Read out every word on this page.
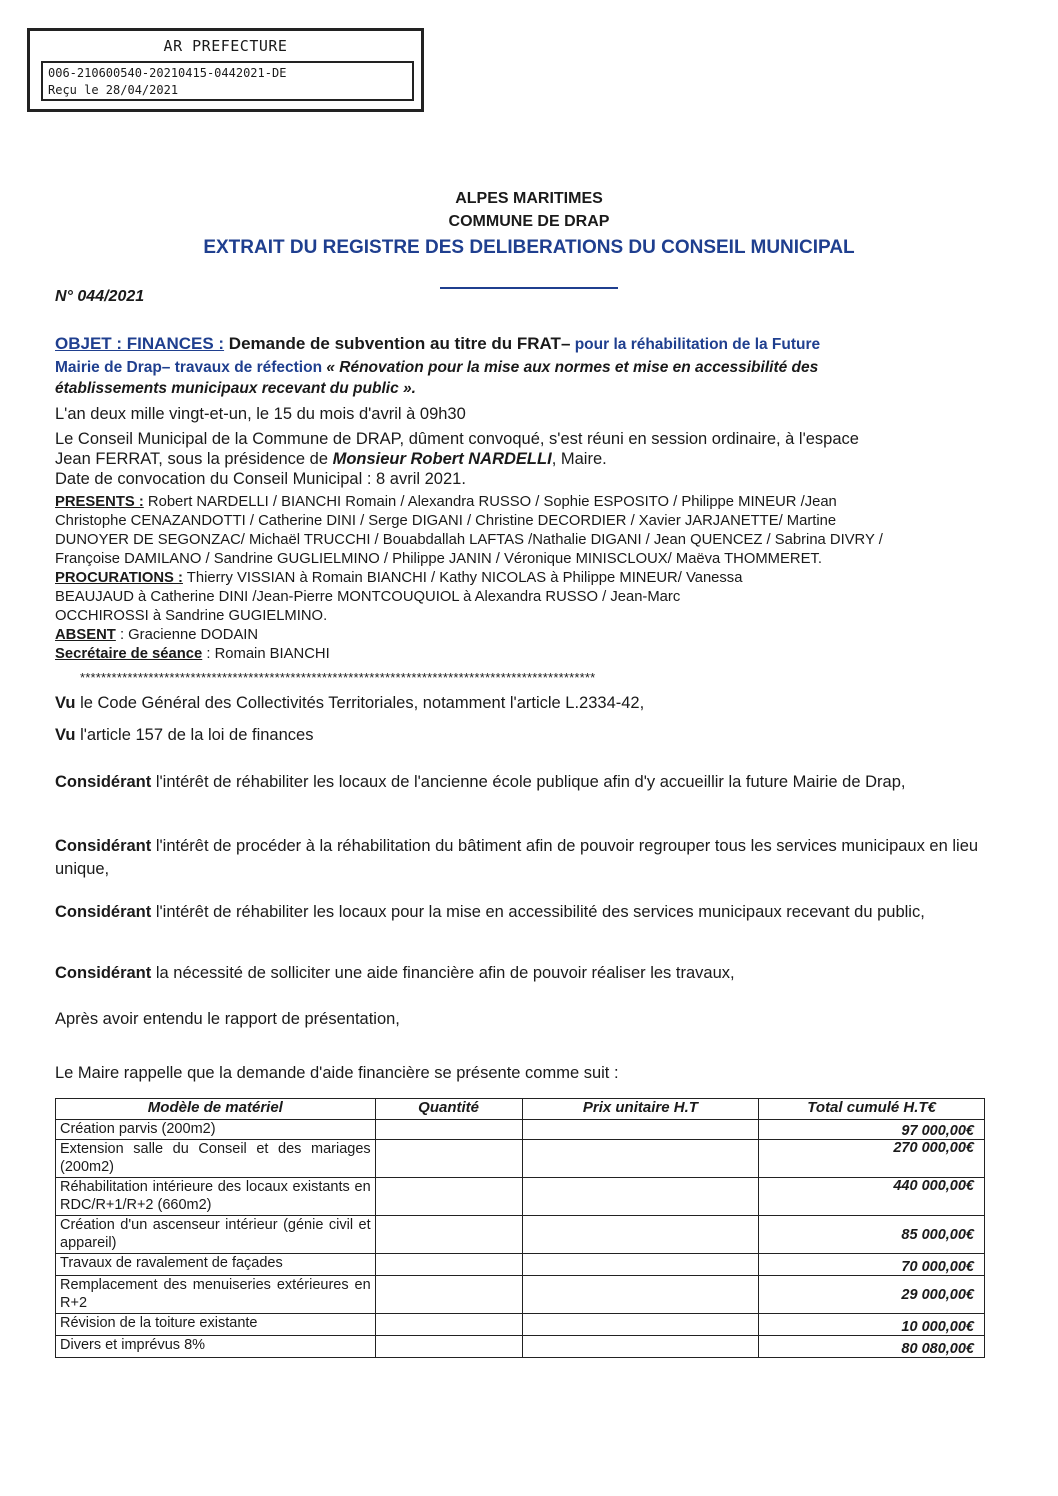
AR PREFECTURE
006-210600540-20210415-0442021-DE
Reçu le 28/04/2021
ALPES MARITIMES
COMMUNE DE DRAP
EXTRAIT DU REGISTRE DES DELIBERATIONS DU CONSEIL MUNICIPAL
N° 044/2021
OBJET : FINANCES : Demande de subvention au titre du FRAT– pour la réhabilitation de la Future
Mairie de Drap– travaux de réfection « Rénovation pour la mise aux normes et mise en accessibilité des
établissements municipaux recevant du public ».
L'an deux mille vingt-et-un, le 15 du mois d'avril à 09h30
Le Conseil Municipal de la Commune de DRAP, dûment convoqué, s'est réuni en session ordinaire, à l'espace
Jean FERRAT, sous la présidence de Monsieur Robert NARDELLI, Maire.
Date de convocation du Conseil Municipal : 8 avril 2021.
PRESENTS : Robert NARDELLI / BIANCHI Romain / Alexandra RUSSO / Sophie ESPOSITO / Philippe MINEUR /Jean
Christophe CENAZANDOTTI / Catherine DINI / Serge DIGANI / Christine DECORDIER / Xavier JARJANETTE/ Martine
DUNOYER DE SEGONZAC/ Michaël TRUCCHI / Bouabdallah LAFTAS /Nathalie DIGANI / Jean QUENCEZ / Sabrina DIVRY /
Françoise DAMILANO / Sandrine GUGLIELMINO / Philippe JANIN / Véronique MINISCLOUX/ Maëva THOMMERET.
PROCURATIONS : Thierry VISSIAN à Romain BIANCHI / Kathy NICOLAS à Philippe MINEUR/ Vanessa
BEAUJAUD à Catherine DINI /Jean-Pierre MONTCOUQUIOL à Alexandra RUSSO / Jean-Marc
OCCHIROSSI à Sandrine GUGIELMINO.
ABSENT : Gracienne DODAIN
Secrétaire de séance : Romain BIANCHI
**************************************************************************************************
Vu le Code Général des Collectivités Territoriales, notamment l'article L.2334-42,
Vu l'article 157 de la loi de finances
Considérant l'intérêt de réhabiliter les locaux de l'ancienne école publique afin d'y accueillir la future Mairie de Drap,
Considérant l'intérêt de procéder à la réhabilitation du bâtiment afin de pouvoir regrouper tous les services municipaux en lieu unique,
Considérant l'intérêt de réhabiliter les locaux pour la mise en accessibilité des services municipaux recevant du public,
Considérant la nécessité de solliciter une aide financière afin de pouvoir réaliser les travaux,
Après avoir entendu le rapport de présentation,
Le Maire rappelle que la demande d'aide financière se présente comme suit :
Modèle de matériel	Quantité	Prix unitaire H.T	Total cumulé H.T€
Création parvis (200m2)			97 000,00€
Extension salle du Conseil et des mariages (200m2)			270 000,00€
Réhabilitation intérieure des locaux existants en RDC/R+1/R+2 (660m2)			440 000,00€
Création d'un ascenseur intérieur (génie civil et appareil)			85 000,00€
Travaux de ravalement de façades			70 000,00€
Remplacement des menuiseries extérieures en R+2			29 000,00€
Révision de la toiture existante			10 000,00€
Divers et imprévus 8%			80 080,00€
